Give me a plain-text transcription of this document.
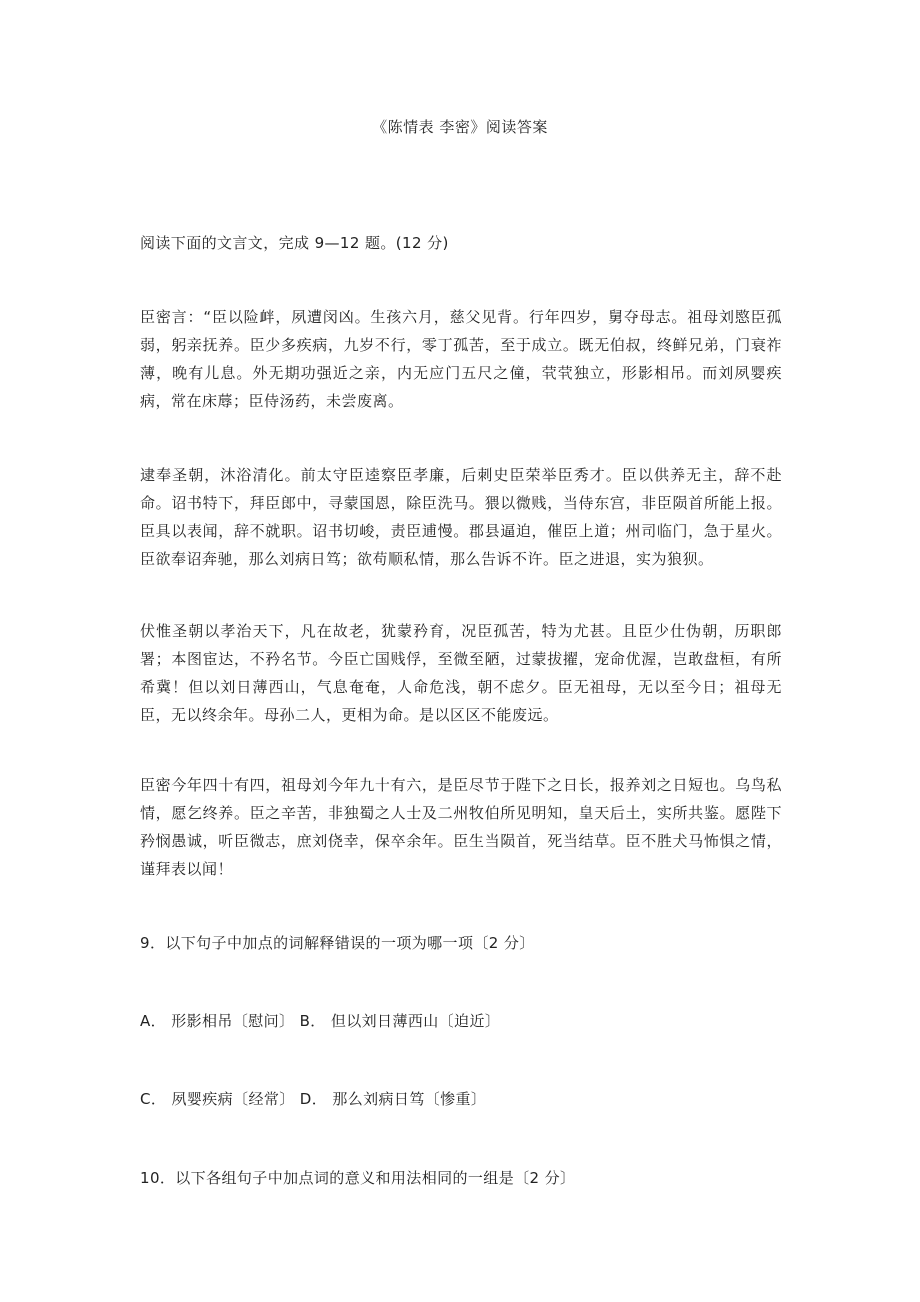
《陈情表 李密》阅读答案
阅读下面的文言文，完成 9—12 题。(12 分)
臣密言：“臣以险衅，夙遭闵凶。生孩六月，慈父见背。行年四岁，舅夺母志。祖母刘愍臣孤弱，躬亲抚养。臣少多疾病，九岁不行，零丁孤苦，至于成立。既无伯叔，终鲜兄弟，门衰祚薄，晚有儿息。外无期功强近之亲，内无应门五尺之僮，茕茕独立，形影相吊。而刘夙婴疾病，常在床蓐；臣侍汤药，未尝废离。
逮奉圣朝，沐浴清化。前太守臣逵察臣孝廉，后刺史臣荣举臣秀才。臣以供养无主，辞不赴命。诏书特下，拜臣郎中，寻蒙国恩，除臣洗马。猥以微贱，当侍东宫，非臣陨首所能上报。臣具以表闻，辞不就职。诏书切峻，责臣逋慢。郡县逼迫，催臣上道；州司临门，急于星火。臣欲奉诏奔驰，那么刘病日笃；欲苟顺私情，那么告诉不许。臣之进退，实为狼狈。
伏惟圣朝以孝治天下，凡在故老，犹蒙矜育，况臣孤苦，特为尤甚。且臣少仕伪朝，历职郎署；本图宦达，不矜名节。今臣亡国贱俘，至微至陋，过蒙拔擢，宠命优渥，岂敢盘桓，有所希冀！但以刘日薄西山，气息奄奄，人命危浅，朝不虑夕。臣无祖母，无以至今日；祖母无臣，无以终余年。母孙二人，更相为命。是以区区不能废远。
臣密今年四十有四，祖母刘今年九十有六，是臣尽节于陛下之日长，报养刘之日短也。乌鸟私情，愿乞终养。臣之辛苦，非独蜀之人士及二州牧伯所见明知，皇天后土，实所共鉴。愿陛下矜悯愚诚，听臣微志，庶刘侥幸，保卒余年。臣生当陨首，死当结草。臣不胜犬马怖惧之情，谨拜表以闻！
9．以下句子中加点的词解释错误的一项为哪一项〔2 分〕
A． 形影相吊〔慰问〕 B． 但以刘日薄西山〔迫近〕
C． 夙婴疾病〔经常〕 D． 那么刘病日笃〔惨重〕
10．以下各组句子中加点词的意义和用法相同的一组是〔2 分〕
